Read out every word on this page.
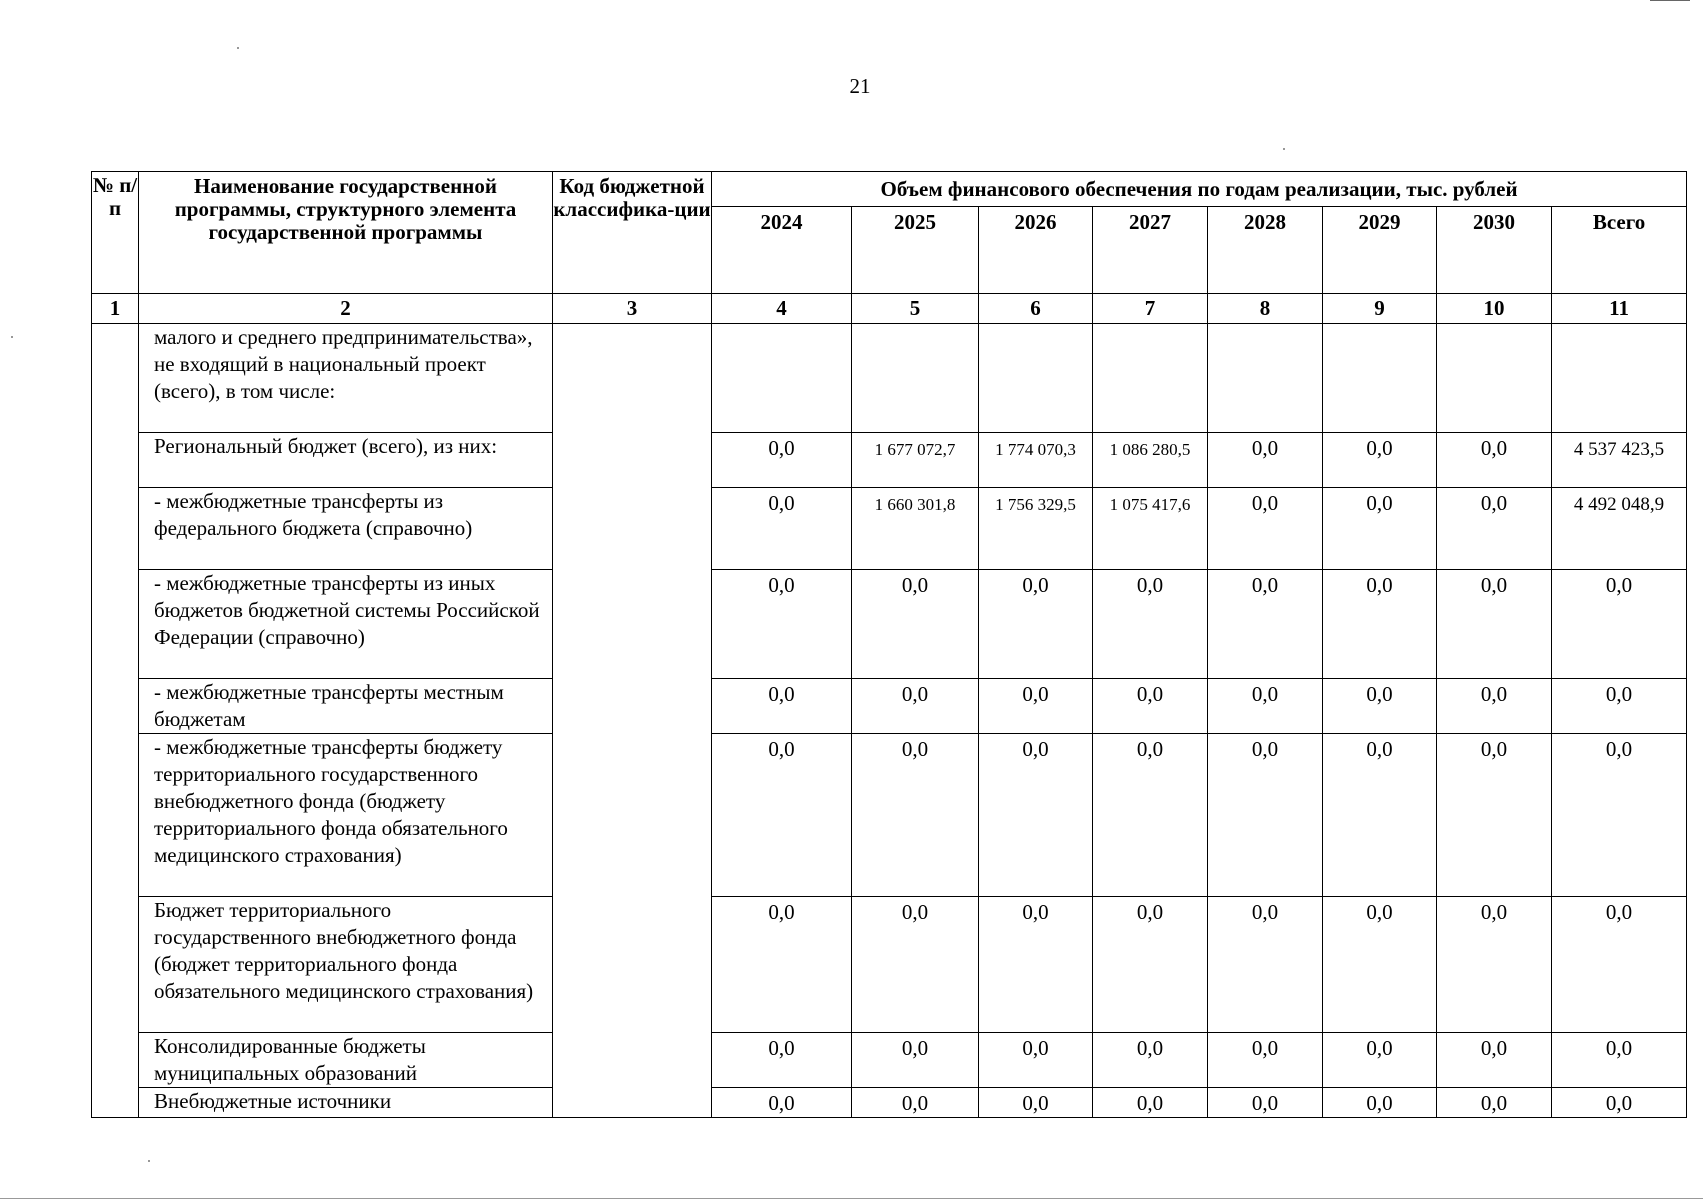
21
№ п/п	Наименование государственной программы, структурного элемента государственной программы	Код бюджетной классифика-ции	Объем финансового обеспечения по годам реализации, тыс. рублей							
			2024	2025	2026	2027	2028	2029	2030	Всего
1	2	3	4	5	6	7	8	9	10	11
	малого и среднего предпринимательства», не входящий в национальный проект (всего), в том числе:									
	Региональный бюджет (всего), из них:		0,0	1 677 072,7	1 774 070,3	1 086 280,5	0,0	0,0	0,0	4 537 423,5
	- межбюджетные трансферты из федерального бюджета (справочно)		0,0	1 660 301,8	1 756 329,5	1 075 417,6	0,0	0,0	0,0	4 492 048,9
	- межбюджетные трансферты из иных бюджетов бюджетной системы Российской Федерации (справочно)		0,0	0,0	0,0	0,0	0,0	0,0	0,0	0,0
	- межбюджетные трансферты местным бюджетам		0,0	0,0	0,0	0,0	0,0	0,0	0,0	0,0
	- межбюджетные трансферты бюджету территориального государственного внебюджетного фонда (бюджету территориального фонда обязательного медицинского страхования)		0,0	0,0	0,0	0,0	0,0	0,0	0,0	0,0
	Бюджет территориального государственного внебюджетного фонда (бюджет территориального фонда обязательного медицинского страхования)		0,0	0,0	0,0	0,0	0,0	0,0	0,0	0,0
	Консолидированные бюджеты муниципальных образований		0,0	0,0	0,0	0,0	0,0	0,0	0,0	0,0
	Внебюджетные источники		0,0	0,0	0,0	0,0	0,0	0,0	0,0	0,0
